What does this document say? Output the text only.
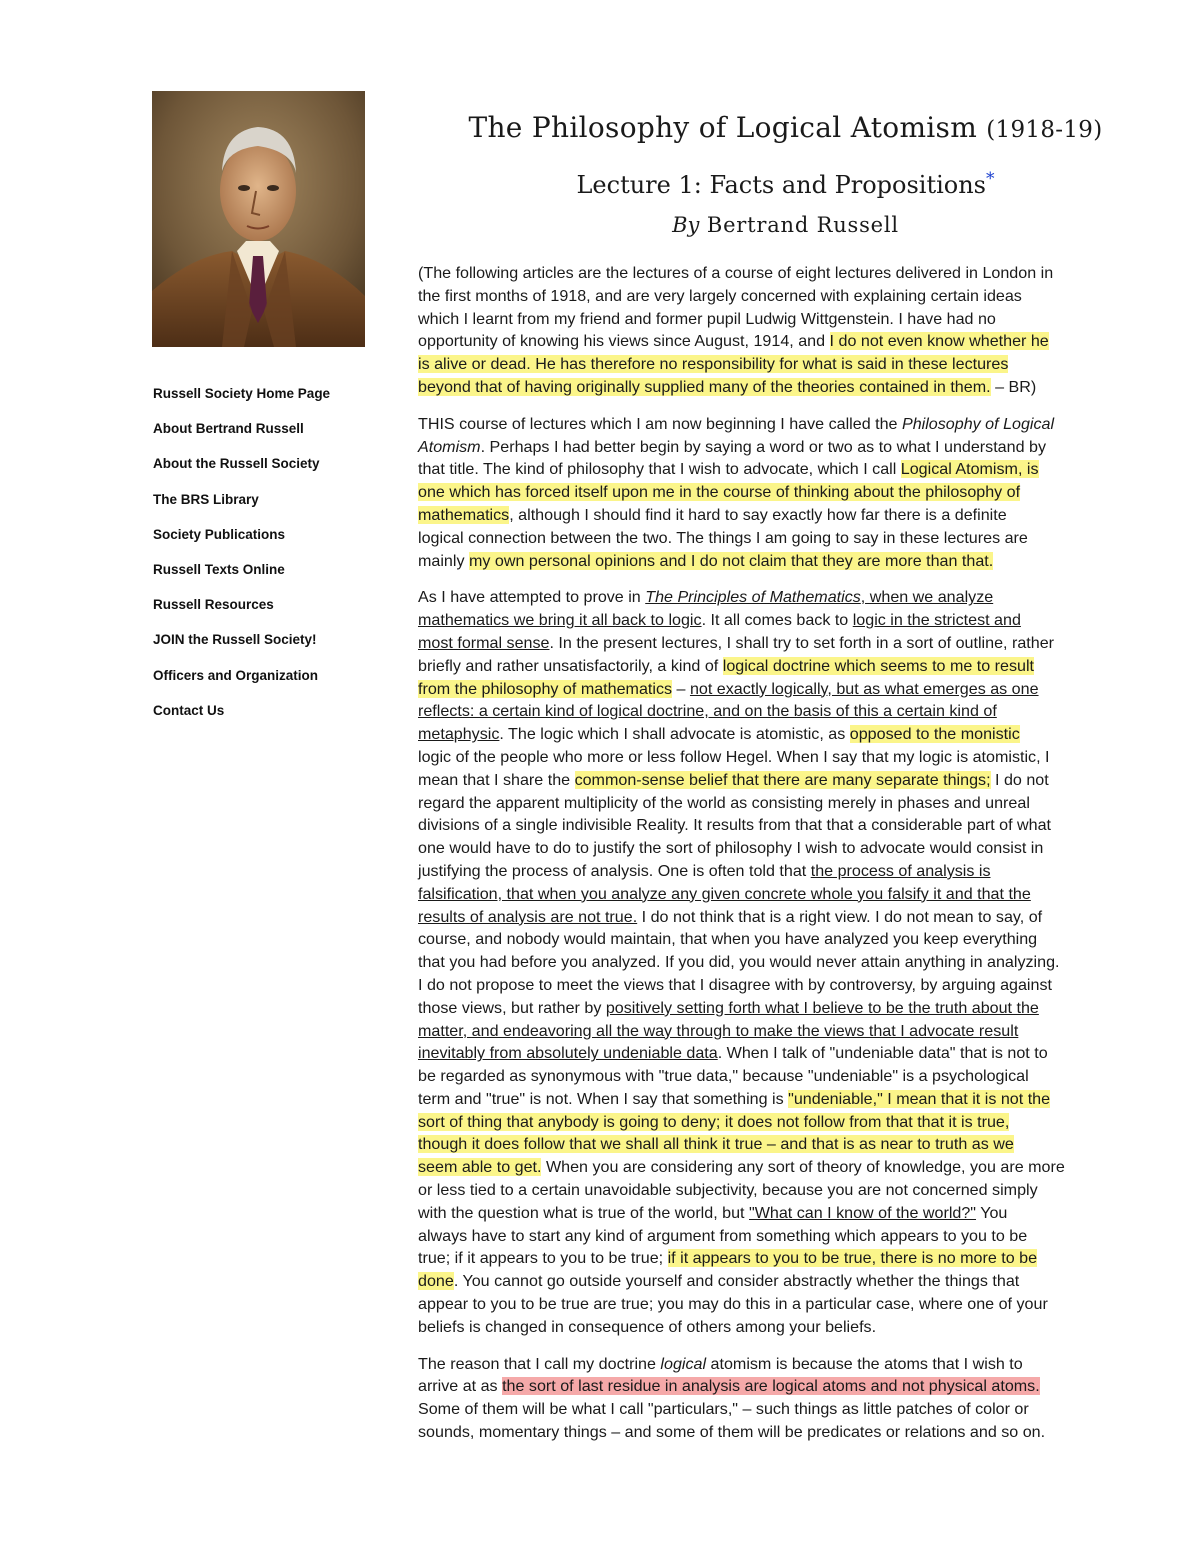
Russell Society Home Page
About Bertrand Russell
About the Russell Society
The BRS Library
Society Publications
Russell Texts Online
Russell Resources
JOIN the Russell Society!
Officers and Organization
Contact Us
The Philosophy of Logical Atomism (1918-19)
Lecture 1: Facts and Propositions*

By Bertrand Russell

(The following articles are the lectures of a course of eight lectures delivered in London in
the first months of 1918, and are very largely concerned with explaining certain ideas
which I learnt from my friend and former pupil Ludwig Wittgenstein. I have had no
opportunity of knowing his views since August, 1914, and I do not even know whether he
is alive or dead. He has therefore no responsibility for what is said in these lectures
beyond that of having originally supplied many of the theories contained in them. – BR)

THIS course of lectures which I am now beginning I have called the Philosophy of Logical
Atomism. Perhaps I had better begin by saying a word or two as to what I understand by
that title. The kind of philosophy that I wish to advocate, which I call Logical Atomism, is
one which has forced itself upon me in the course of thinking about the philosophy of
mathematics, although I should find it hard to say exactly how far there is a definite
logical connection between the two. The things I am going to say in these lectures are
mainly my own personal opinions and I do not claim that they are more than that.

As I have attempted to prove in The Principles of Mathematics, when we analyze
mathematics we bring it all back to logic. It all comes back to logic in the strictest and
most formal sense. In the present lectures, I shall try to set forth in a sort of outline, rather
briefly and rather unsatisfactorily, a kind of logical doctrine which seems to me to result
from the philosophy of mathematics – not exactly logically, but as what emerges as one
reflects: a certain kind of logical doctrine, and on the basis of this a certain kind of
metaphysic. The logic which I shall advocate is atomistic, as opposed to the monistic
logic of the people who more or less follow Hegel. When I say that my logic is atomistic, I
mean that I share the common-sense belief that there are many separate things; I do not
regard the apparent multiplicity of the world as consisting merely in phases and unreal
divisions of a single indivisible Reality. It results from that that a considerable part of what
one would have to do to justify the sort of philosophy I wish to advocate would consist in
justifying the process of analysis. One is often told that the process of analysis is
falsification, that when you analyze any given concrete whole you falsify it and that the
results of analysis are not true. I do not think that is a right view. I do not mean to say, of
course, and nobody would maintain, that when you have analyzed you keep everything
that you had before you analyzed. If you did, you would never attain anything in analyzing.
I do not propose to meet the views that I disagree with by controversy, by arguing against
those views, but rather by positively setting forth what I believe to be the truth about the
matter, and endeavoring all the way through to make the views that I advocate result
inevitably from absolutely undeniable data. When I talk of "undeniable data" that is not to
be regarded as synonymous with "true data," because "undeniable" is a psychological
term and "true" is not. When I say that something is "undeniable," I mean that it is not the
sort of thing that anybody is going to deny; it does not follow from that that it is true,
though it does follow that we shall all think it true – and that is as near to truth as we
seem able to get. When you are considering any sort of theory of knowledge, you are more
or less tied to a certain unavoidable subjectivity, because you are not concerned simply
with the question what is true of the world, but "What can I know of the world?" You
always have to start any kind of argument from something which appears to you to be
true; if it appears to you to be true; if it appears to you to be true, there is no more to be
done. You cannot go outside yourself and consider abstractly whether the things that
appear to you to be true are true; you may do this in a particular case, where one of your
beliefs is changed in consequence of others among your beliefs.

The reason that I call my doctrine logical atomism is because the atoms that I wish to
arrive at as the sort of last residue in analysis are logical atoms and not physical atoms.
Some of them will be what I call "particulars," – such things as little patches of color or
sounds, momentary things – and some of them will be predicates or relations and so on.
